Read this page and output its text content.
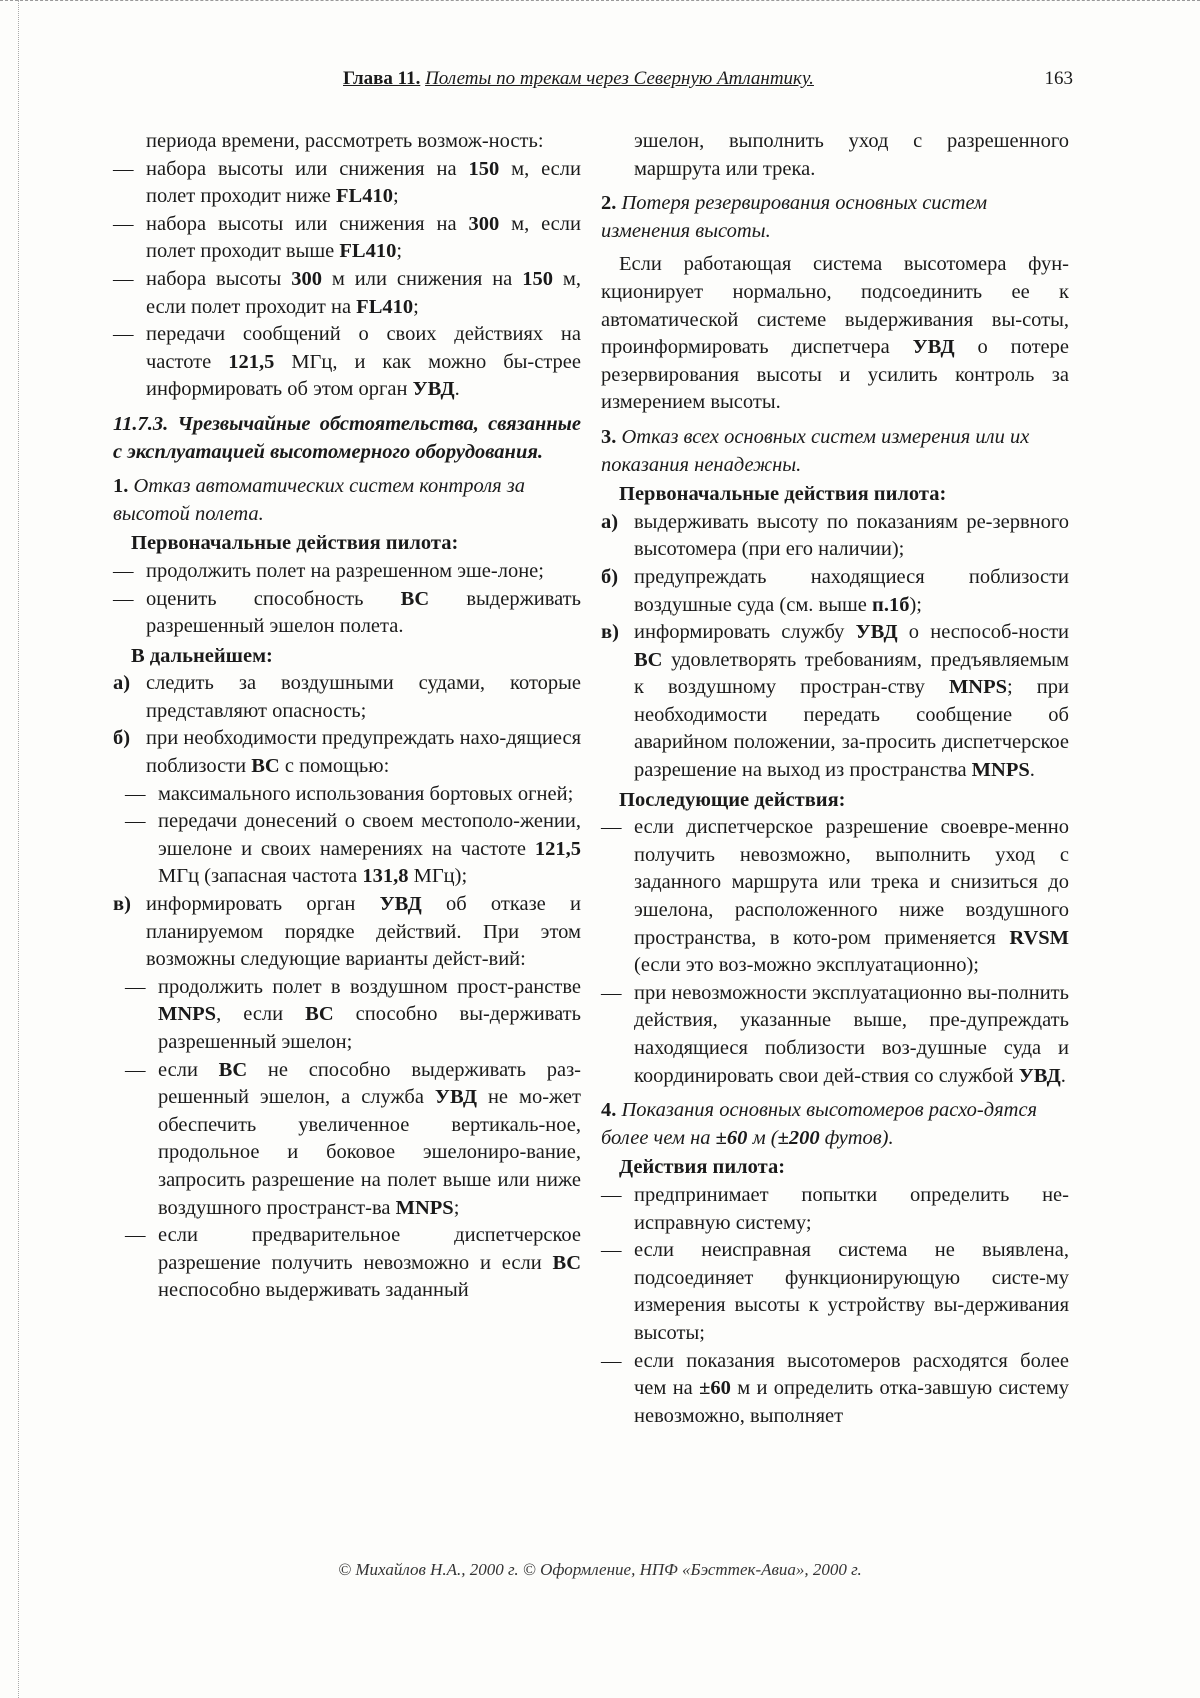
Глава 11. Полеты по трекам через Северную Атлантику.	163

периода времени, рассмотреть возмож-ность:

— набора высоты или снижения на 150 м, если полет проходит ниже FL410;

— набора высоты или снижения на 300 м, если полет проходит выше FL410;

— набора высоты 300 м или снижения на 150 м, если полет проходит на FL410;

— передачи сообщений о своих действиях на частоте 121,5 МГц, и как можно бы-стрее информировать об этом орган УВД.

11.7.3. Чрезвычайные обстоятельства, связанные с эксплуатацией высотомерного оборудования.

1. Отказ автоматических систем контроля за высотой полета.

Первоначальные действия пилота:

— продолжить полет на разрешенном эше-лоне;

— оценить способность ВС выдерживать разрешенный эшелон полета.

В дальнейшем:

а) следить за воздушными судами, которые представляют опасность;

б) при необходимости предупреждать нахо-дящиеся поблизости ВС с помощью:

— максимального использования бортовых огней;

— передачи донесений о своем местополо-жении, эшелоне и своих намерениях на частоте 121,5 МГц (запасная частота 131,8 МГц);

в) информировать орган УВД об отказе и планируемом порядке действий. При этом возможны следующие варианты дейст-вий:

— продолжить полет в воздушном прост-ранстве MNPS, если ВС способно вы-держивать разрешенный эшелон;

— если ВС не способно выдерживать раз-решенный эшелон, а служба УВД не мо-жет обеспечить увеличенное вертикаль-ное, продольное и боковое эшелониро-вание, запросить разрешение на полет выше или ниже воздушного пространст-ва MNPS;

— если предварительное диспетчерское разрешение получить невозможно и если ВС неспособно выдерживать заданный

эшелон, выполнить уход с разрешенного маршрута или трека.

2. Потеря резервирования основных систем изменения высоты.

Если работающая система высотомера фун-кционирует нормально, подсоединить ее к автоматической системе выдерживания вы-соты, проинформировать диспетчера УВД о потере резервирования высоты и усилить контроль за измерением высоты.

3. Отказ всех основных систем измерения или их показания ненадежны.

Первоначальные действия пилота:

а) выдерживать высоту по показаниям ре-зервного высотомера (при его наличии);

б) предупреждать находящиеся поблизости воздушные суда (см. выше п.1б);

в) информировать службу УВД о неспособ-ности ВС удовлетворять требованиям, предъявляемым к воздушному простран-ству MNPS; при необходимости передать сообщение об аварийном положении, за-просить диспетчерское разрешение на выход из пространства MNPS.

Последующие действия:

— если диспетчерское разрешение своевре-менно получить невозможно, выполнить уход с заданного маршрута или трека и снизиться до эшелона, расположенного ниже воздушного пространства, в кото-ром применяется RVSM (если это воз-можно эксплуатационно);

— при невозможности эксплуатационно вы-полнить действия, указанные выше, пре-дупреждать находящиеся поблизости воз-душные суда и координировать свои дей-ствия со службой УВД.

4. Показания основных высотомеров расхо-дятся более чем на ±60 м (±200 футов).

Действия пилота:

— предпринимает попытки определить не-исправную систему;

— если неисправная система не выявлена, подсоединяет функционирующую систе-му измерения высоты к устройству вы-держивания высоты;

— если показания высотомеров расходятся более чем на ±60 м и определить отка-завшую систему невозможно, выполняет

© Михайлов Н.А., 2000 г. © Оформление, НПФ «Бэсттек-Авиа», 2000 г.
